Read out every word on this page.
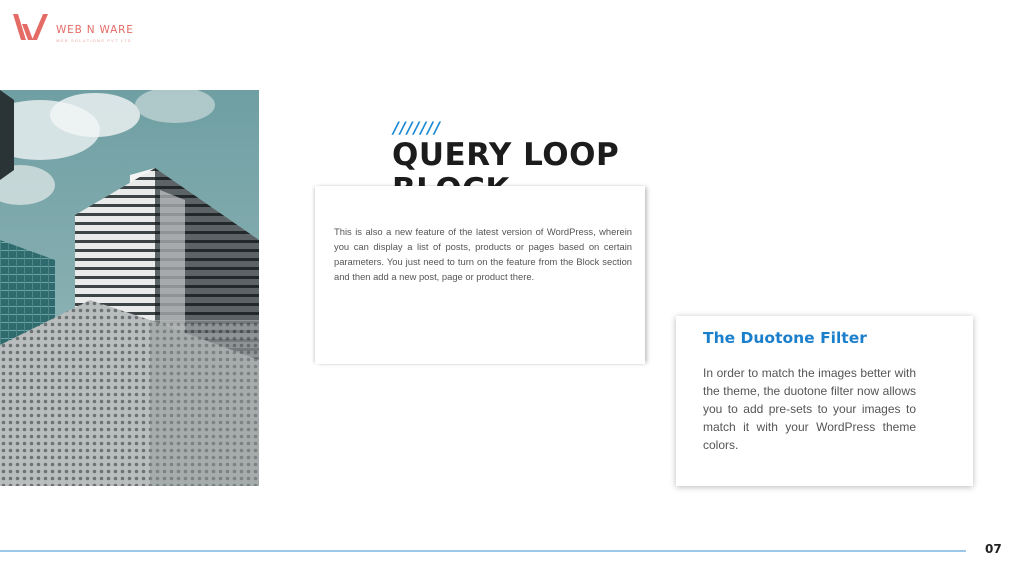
WEB N WARE
WEB SOLUTIONS PVT LTD
///////
QUERY LOOP

This is also a new feature of the latest version of WordPress, wherein you can display a list of posts, products or pages based on certain parameters. You just need to turn on the feature from the Block section and then add a new post, page or product there.

The Duotone Filter

In order to match the images better with the theme, the duotone filter now allows you to add pre-sets to your images to match it with your WordPress theme colors.

07
